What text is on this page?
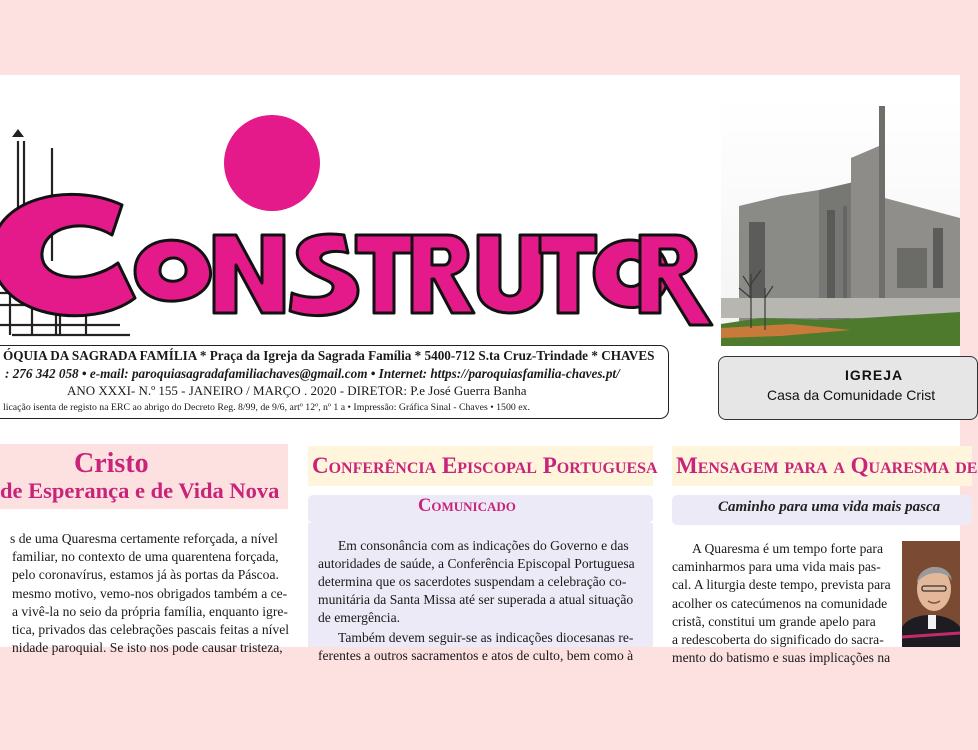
ÓQUIA DA SAGRADA FAMÍLIA * Praça da Igreja da Sagrada Família * 5400-712 S.ta Cruz-Trindade * CHAVES
: 276 342 058 • e-mail: paroquiasagradafamiliachaves@gmail.com • Internet: https://paroquiasfamilia-chaves.pt/
ANO XXXI- N.º 155 - JANEIRO / MARÇO . 2020 - DIRETOR: P.e José Guerra Banha
licação isenta de registo na ERC ao abrigo do Decreto Reg. 8/99, de 9/6, artº 12º, nº 1 a • Impressão: Gráfica Sinal - Chaves • 1500 ex.
IGREJA
Casa da Comunidade Crist
Cristo
de Esperança e de Vida Nova

s de uma Quaresma certamente reforçada, a nível

familiar, no contexto de uma quarentena forçada,

pelo coronavírus, estamos já às portas da Páscoa.

mesmo motivo, vemo-nos obrigados também a ce-

a vivê-la no seio da própria família, enquanto igre-

tica, privados das celebrações pascais feitas a nível

nidade paroquial. Se isto nos pode causar tristeza,

Conferência Episcopal Portuguesa
Comunicado
Em consonância com as indicações do Governo e das
autoridades de saúde, a Conferência Episcopal Portuguesa
determina que os sacerdotes suspendam a celebração co-
munitária da Santa Missa até ser superada a atual situação
de emergência.
Também devem seguir-se as indicações diocesanas re-
ferentes a outros sacramentos e atos de culto, bem como à
Mensagem para a Quaresma de
Caminho para uma vida mais pasca
A Quaresma é um tempo forte para
caminharmos para uma vida mais pas-
cal. A liturgia deste tempo, prevista para
acolher os catecúmenos na comunidade
cristã, constitui um grande apelo para
a redescoberta do significado do sacra-
mento do batismo e suas implicações na
